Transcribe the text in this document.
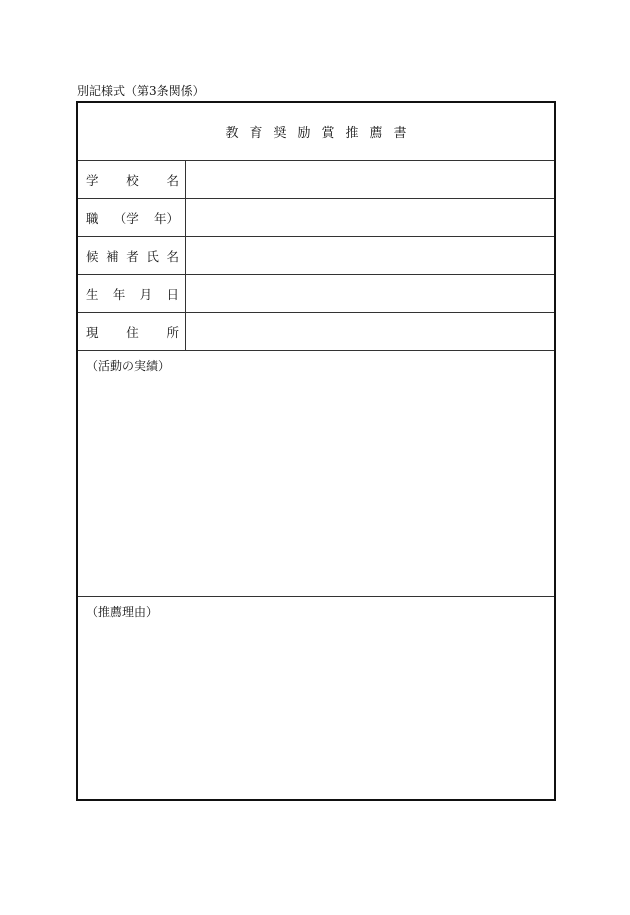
別記様式（第3条関係）
教育奨励賞推薦書
学 校 名
職 （学 年）
候 補 者 氏 名
生 年 月 日
現 住 所
（活動の実績）
（推薦理由）
